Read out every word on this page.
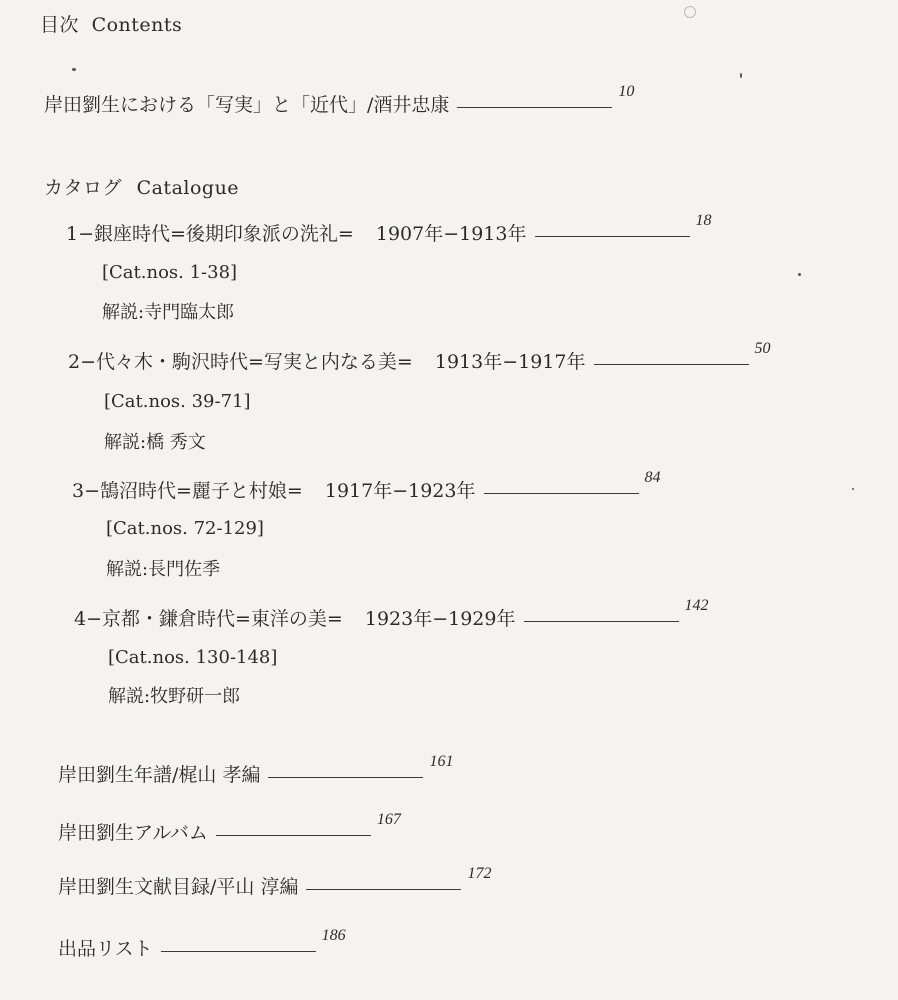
目次 Contents
岸田劉生における「写実」と「近代」/酒井忠康
10
カタログ Catalogue
1−銀座時代=後期印象派の洗礼= 1907年−1913年
18
[Cat.nos. 1-38]
解説:寺門臨太郎
2−代々木・駒沢時代=写実と内なる美= 1913年−1917年
50
[Cat.nos. 39-71]
解説:橋 秀文
3−鵠沼時代=麗子と村娘= 1917年−1923年
84
[Cat.nos. 72-129]
解説:長門佐季
4−京都・鎌倉時代=東洋の美= 1923年−1929年
142
[Cat.nos. 130-148]
解説:牧野研一郎
岸田劉生年譜/梶山 孝編
161
岸田劉生アルバム
167
岸田劉生文献目録/平山 淳編
172
出品リスト
186
